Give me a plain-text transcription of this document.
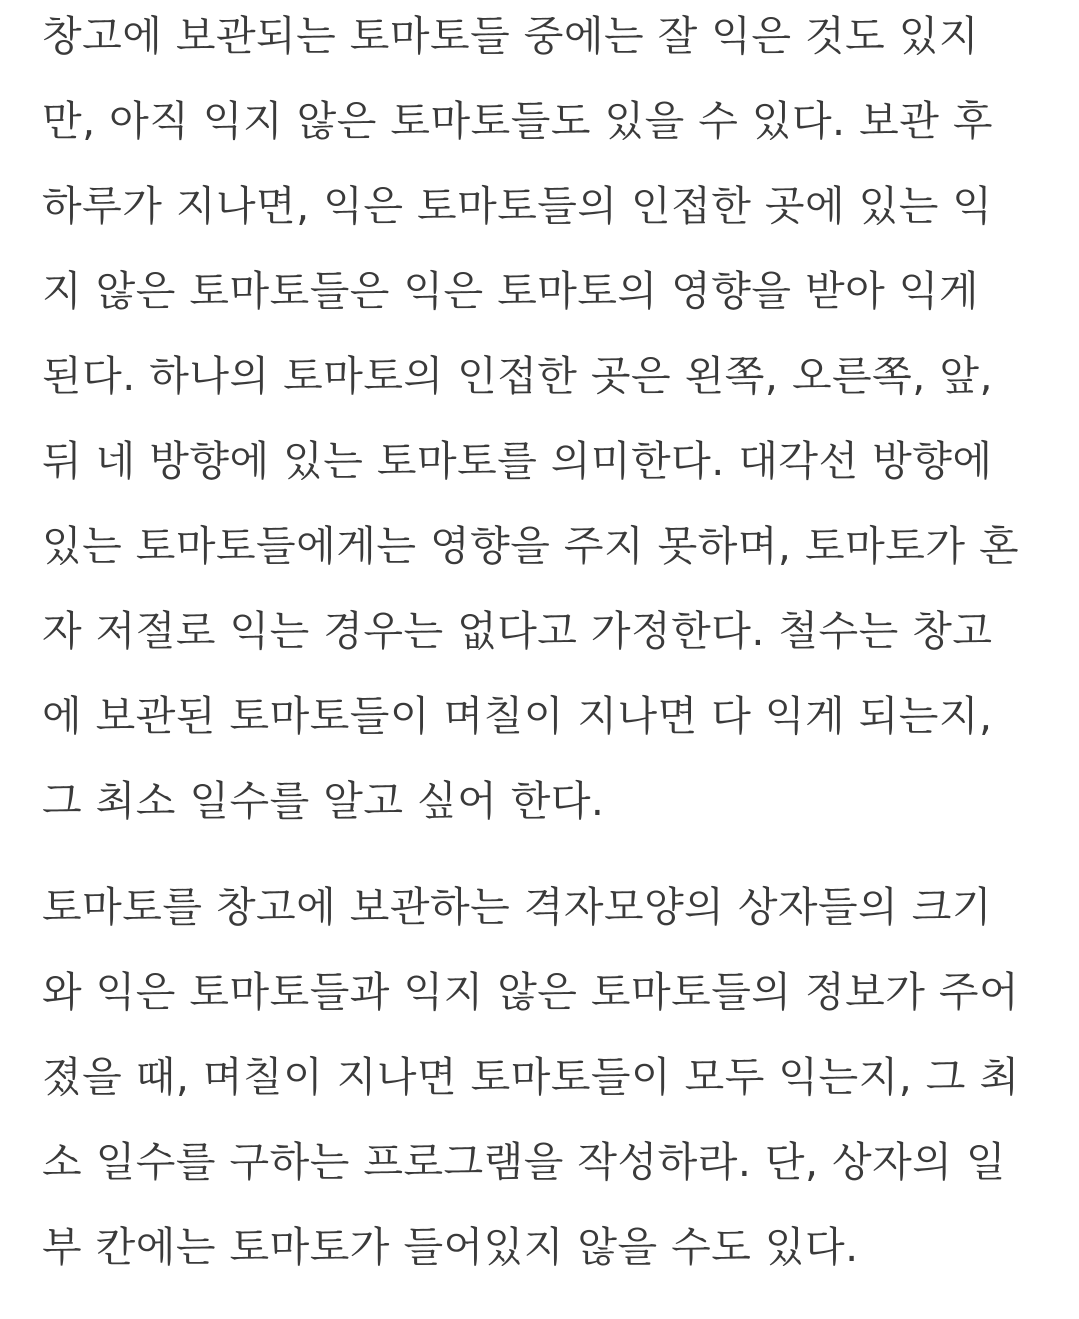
창고에 보관되는 토마토들 중에는 잘 익은 것도 있지
만, 아직 익지 않은 토마토들도 있을 수 있다. 보관 후
하루가 지나면, 익은 토마토들의 인접한 곳에 있는 익
지 않은 토마토들은 익은 토마토의 영향을 받아 익게
된다. 하나의 토마토의 인접한 곳은 왼쪽, 오른쪽, 앞,
뒤 네 방향에 있는 토마토를 의미한다. 대각선 방향에
있는 토마토들에게는 영향을 주지 못하며, 토마토가 혼
자 저절로 익는 경우는 없다고 가정한다. 철수는 창고
에 보관된 토마토들이 며칠이 지나면 다 익게 되는지,
그 최소 일수를 알고 싶어 한다.
토마토를 창고에 보관하는 격자모양의 상자들의 크기
와 익은 토마토들과 익지 않은 토마토들의 정보가 주어
졌을 때, 며칠이 지나면 토마토들이 모두 익는지, 그 최
소 일수를 구하는 프로그램을 작성하라. 단, 상자의 일
부 칸에는 토마토가 들어있지 않을 수도 있다.
